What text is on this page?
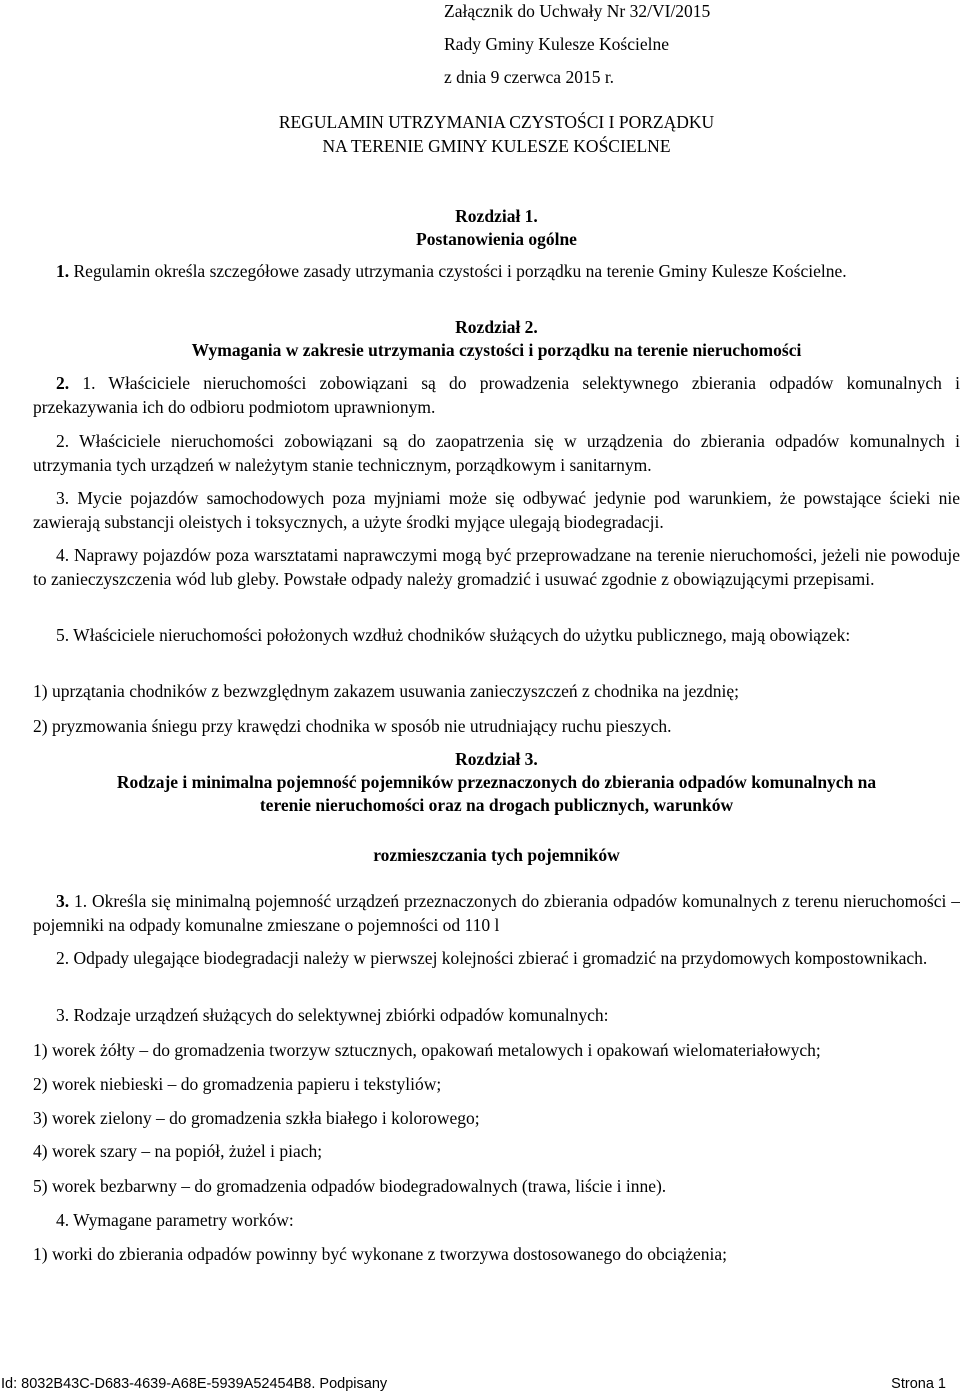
Załącznik do Uchwały Nr 32/VI/2015
Rady Gminy Kulesze Kościelne
z dnia 9 czerwca 2015 r.
REGULAMIN UTRZYMANIA CZYSTOŚCI I PORZĄDKU
NA TERENIE GMINY KULESZE KOŚCIELNE
Rozdział 1.
Postanowienia ogólne
1. Regulamin określa szczegółowe zasady utrzymania czystości i porządku na terenie Gminy Kulesze Kościelne.
Rozdział 2.
Wymagania w zakresie utrzymania czystości i porządku na terenie nieruchomości
2. 1. Właściciele nieruchomości zobowiązani są do prowadzenia selektywnego zbierania odpadów komunalnych i przekazywania ich do odbioru podmiotom uprawnionym.
2. Właściciele nieruchomości zobowiązani są do zaopatrzenia się w urządzenia do zbierania odpadów komunalnych i utrzymania tych urządzeń w należytym stanie technicznym, porządkowym i sanitarnym.
3. Mycie pojazdów samochodowych poza myjniami może się odbywać jedynie pod warunkiem, że powstające ścieki nie zawierają substancji oleistych i toksycznych, a użyte środki myjące ulegają biodegradacji.
4. Naprawy pojazdów poza warsztatami naprawczymi mogą być przeprowadzane na terenie nieruchomości, jeżeli nie powoduje to zanieczyszczenia wód lub gleby. Powstałe odpady należy gromadzić i usuwać zgodnie z obowiązującymi przepisami.
5. Właściciele nieruchomości położonych wzdłuż chodników służących do użytku publicznego, mają obowiązek:
1) uprzątania chodników z bezwzględnym zakazem usuwania zanieczyszczeń z chodnika na jezdnię;
2) pryzmowania śniegu przy krawędzi chodnika w sposób nie utrudniający ruchu pieszych.
Rozdział 3.
Rodzaje i minimalna pojemność pojemników przeznaczonych do zbierania odpadów komunalnych na
terenie nieruchomości oraz na drogach publicznych, warunków
rozmieszczania tych pojemników
3. 1. Określa się minimalną pojemność urządzeń przeznaczonych do zbierania odpadów komunalnych z terenu nieruchomości – pojemniki na odpady komunalne zmieszane o pojemności od 110 l
2. Odpady ulegające biodegradacji należy w pierwszej kolejności zbierać i gromadzić na przydomowych kompostownikach.
3. Rodzaje urządzeń służących do selektywnej zbiórki odpadów komunalnych:
1) worek żółty – do gromadzenia tworzyw sztucznych, opakowań metalowych i opakowań wielomateriałowych;
2) worek niebieski – do gromadzenia papieru i tekstyliów;
3) worek zielony – do gromadzenia szkła białego i kolorowego;
4) worek szary – na popiół, żużel i piach;
5) worek bezbarwny – do gromadzenia odpadów biodegradowalnych (trawa, liście i inne).
4. Wymagane parametry worków:
1) worki do zbierania odpadów powinny być wykonane z tworzywa dostosowanego do obciążenia;
Id: 8032B43C-D683-4639-A68E-5939A52454B8. Podpisany	Strona 1
